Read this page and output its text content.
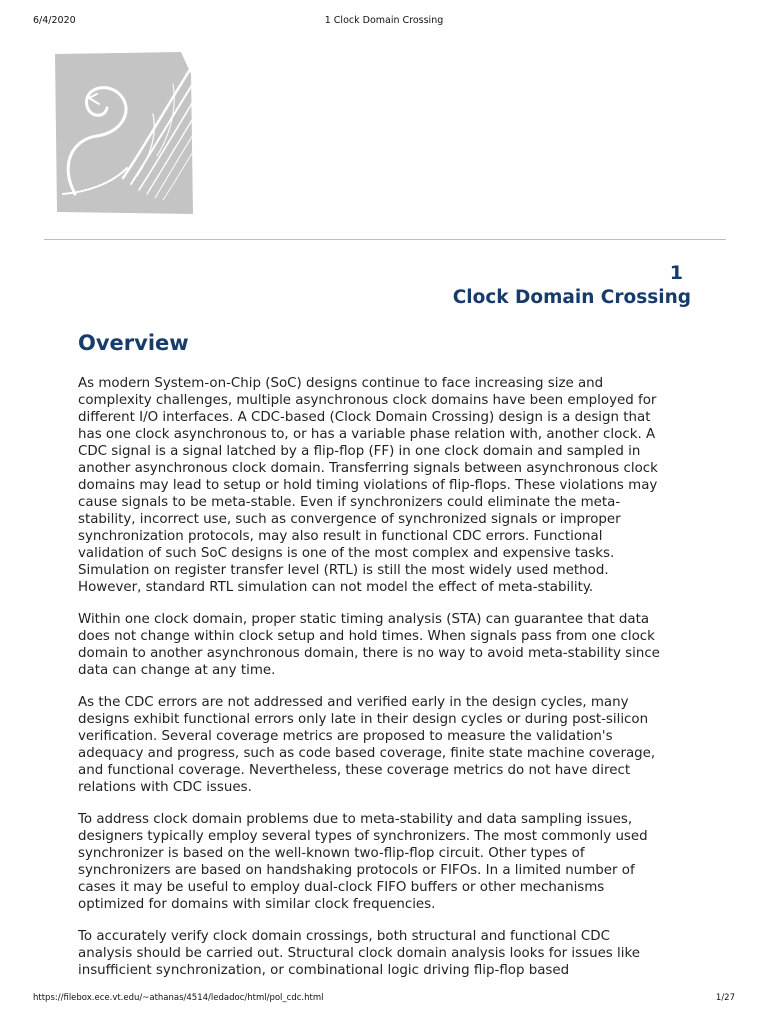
6/4/2020	1 Clock Domain Crossing
1
Clock Domain Crossing
Overview

As modern System-on-Chip (SoC) designs continue to face increasing size and
complexity challenges, multiple asynchronous clock domains have been employed for
different I/O interfaces. A CDC-based (Clock Domain Crossing) design is a design that
has one clock asynchronous to, or has a variable phase relation with, another clock. A
CDC signal is a signal latched by a flip-flop (FF) in one clock domain and sampled in
another asynchronous clock domain. Transferring signals between asynchronous clock
domains may lead to setup or hold timing violations of flip-flops. These violations may
cause signals to be meta-stable. Even if synchronizers could eliminate the meta-
stability, incorrect use, such as convergence of synchronized signals or improper
synchronization protocols, may also result in functional CDC errors. Functional
validation of such SoC designs is one of the most complex and expensive tasks.
Simulation on register transfer level (RTL) is still the most widely used method.
However, standard RTL simulation can not model the effect of meta-stability.

Within one clock domain, proper static timing analysis (STA) can guarantee that data
does not change within clock setup and hold times. When signals pass from one clock
domain to another asynchronous domain, there is no way to avoid meta-stability since
data can change at any time.

As the CDC errors are not addressed and verified early in the design cycles, many
designs exhibit functional errors only late in their design cycles or during post-silicon
verification. Several coverage metrics are proposed to measure the validation's
adequacy and progress, such as code based coverage, finite state machine coverage,
and functional coverage. Nevertheless, these coverage metrics do not have direct
relations with CDC issues.

To address clock domain problems due to meta-stability and data sampling issues,
designers typically employ several types of synchronizers. The most commonly used
synchronizer is based on the well-known two-flip-flop circuit. Other types of
synchronizers are based on handshaking protocols or FIFOs. In a limited number of
cases it may be useful to employ dual-clock FIFO buffers or other mechanisms
optimized for domains with similar clock frequencies.

To accurately verify clock domain crossings, both structural and functional CDC
analysis should be carried out. Structural clock domain analysis looks for issues like
insufficient synchronization, or combinational logic driving flip-flop based

https://filebox.ece.vt.edu/~athanas/4514/ledadoc/html/pol_cdc.html	1/27
